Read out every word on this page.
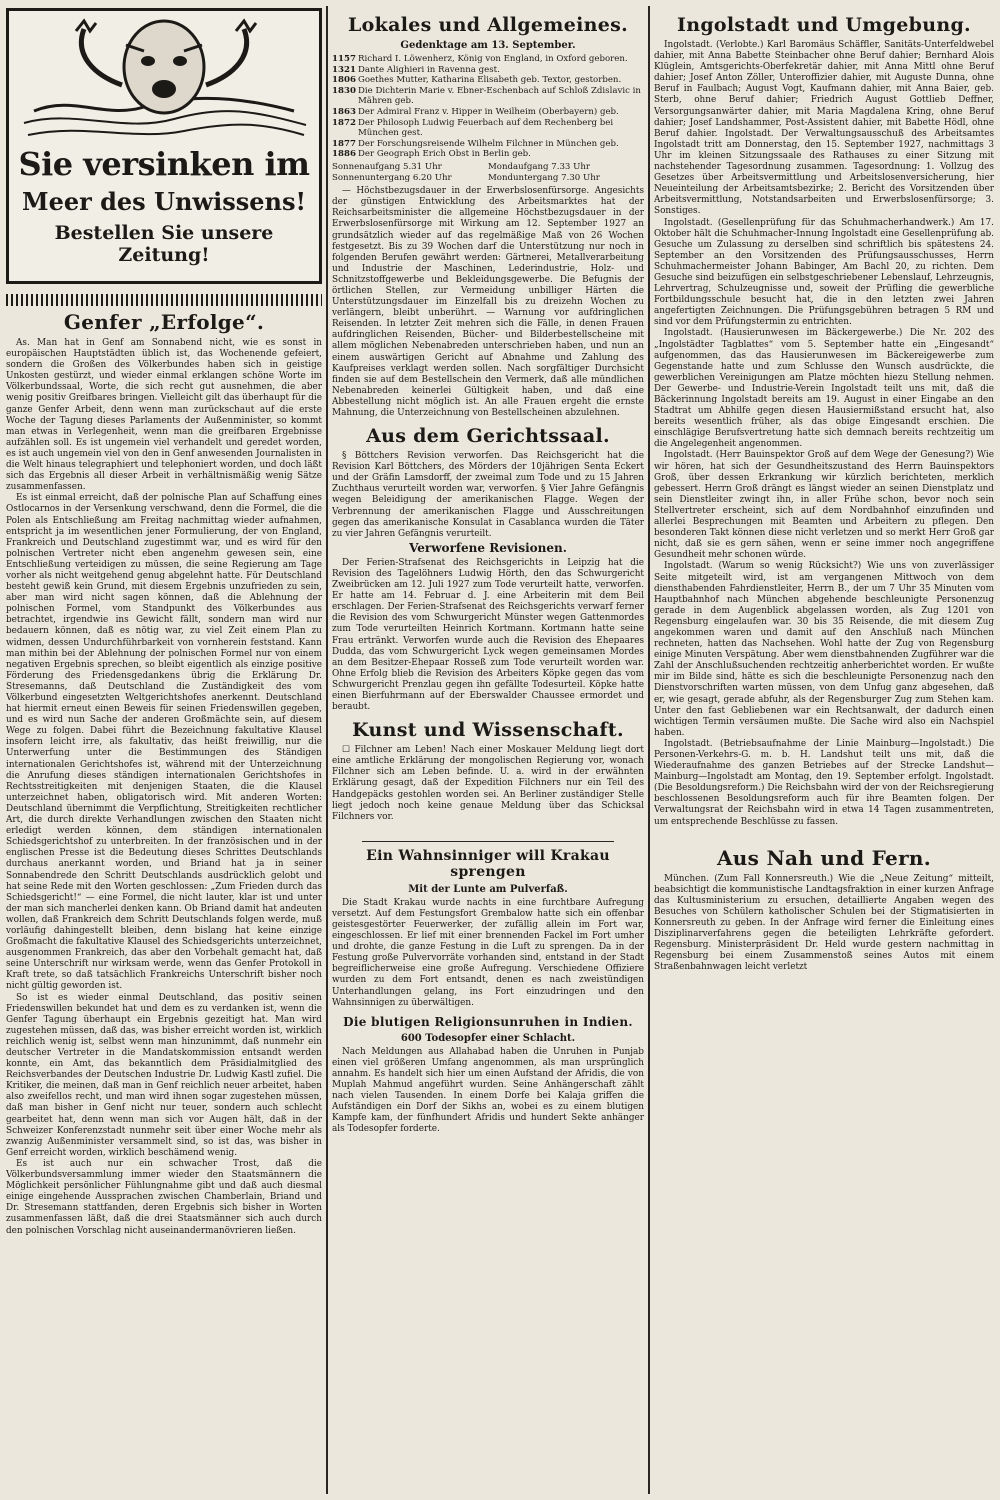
Sie versinken im
Meer des Unwissens!
Bestellen Sie unsere Zeitung!
Genfer „Erfolge“.

As. Man hat in Genf am Sonnabend nicht, wie es sonst in europäischen Hauptstädten üblich ist, das Wochenende gefeiert, sondern die Großen des Völkerbundes haben sich in geistige Unkosten gestürzt, und wieder einmal erklangen schöne Worte im Völkerbundssaal, Worte, die sich recht gut ausnehmen, die aber wenig positiv Greifbares bringen. Vielleicht gilt das überhaupt für die ganze Genfer Arbeit, denn wenn man zurückschaut auf die erste Woche der Tagung dieses Parlaments der Außenminister, so kommt man etwas in Verlegenheit, wenn man die greifbaren Ergebnisse aufzählen soll. Es ist ungemein viel verhandelt und geredet worden, es ist auch ungemein viel von den in Genf anwesenden Journalisten in die Welt hinaus telegraphiert und telephoniert worden, und doch läßt sich das Ergebnis all dieser Arbeit in verhältnismäßig wenig Sätze zusammenfassen.

Es ist einmal erreicht, daß der polnische Plan auf Schaffung eines Ostlocarnos in der Versenkung verschwand, denn die Formel, die die Polen als Entschließung am Freitag nachmittag wieder aufnahmen, entspricht ja im wesentlichen jener Formulierung, der von England, Frankreich und Deutschland zugestimmt war, und es wird für den polnischen Vertreter nicht eben angenehm gewesen sein, eine Entschließung verteidigen zu müssen, die seine Regierung am Tage vorher als nicht weitgehend genug abgelehnt hatte. Für Deutschland besteht gewiß kein Grund, mit diesem Ergebnis unzufrieden zu sein, aber man wird nicht sagen können, daß die Ablehnung der polnischen Formel, vom Standpunkt des Völkerbundes aus betrachtet, irgendwie ins Gewicht fällt, sondern man wird nur bedauern können, daß es nötig war, zu viel Zeit einem Plan zu widmen, dessen Undurchführbarkeit von vornherein feststand. Kann man mithin bei der Ablehnung der polnischen Formel nur von einem negativen Ergebnis sprechen, so bleibt eigentlich als einzige positive Förderung des Friedensgedankens übrig die Erklärung Dr. Stresemanns, daß Deutschland die Zuständigkeit des vom Völkerbund eingesetzten Weltgerichtshofes anerkennt. Deutschland hat hiermit erneut einen Beweis für seinen Friedenswillen gegeben, und es wird nun Sache der anderen Großmächte sein, auf diesem Wege zu folgen. Dabei führt die Bezeichnung fakultative Klausel insofern leicht irre, als fakultativ, das heißt freiwillig, nur die Unterwerfung unter die Bestimmungen des Ständigen internationalen Gerichtshofes ist, während mit der Unterzeichnung die Anrufung dieses ständigen internationalen Gerichtshofes in Rechtsstreitigkeiten mit denjenigen Staaten, die die Klausel unterzeichnet haben, obligatorisch wird. Mit anderen Worten: Deutschland übernimmt die Verpflichtung, Streitigkeiten rechtlicher Art, die durch direkte Verhandlungen zwischen den Staaten nicht erledigt werden können, dem ständigen internationalen Schiedsgerichtshof zu unterbreiten. In der französischen und in der englischen Presse ist die Bedeutung dieses Schrittes Deutschlands durchaus anerkannt worden, und Briand hat ja in seiner Sonnabendrede den Schritt Deutschlands ausdrücklich gelobt und hat seine Rede mit den Worten geschlossen: „Zum Frieden durch das Schiedsgericht!“ — eine Formel, die nicht lauter, klar ist und unter der man sich mancherlei denken kann. Ob Briand damit hat andeuten wollen, daß Frankreich dem Schritt Deutschlands folgen werde, muß vorläufig dahingestellt bleiben, denn bislang hat keine einzige Großmacht die fakultative Klausel des Schiedsgerichts unterzeichnet, ausgenommen Frankreich, das aber den Vorbehalt gemacht hat, daß seine Unterschrift nur wirksam werde, wenn das Genfer Protokoll in Kraft trete, so daß tatsächlich Frankreichs Unterschrift bisher noch nicht gültig geworden ist.

So ist es wieder einmal Deutschland, das positiv seinen Friedenswillen bekundet hat und dem es zu verdanken ist, wenn die Genfer Tagung überhaupt ein Ergebnis gezeitigt hat. Man wird zugestehen müssen, daß das, was bisher erreicht worden ist, wirklich reichlich wenig ist, selbst wenn man hinzunimmt, daß nunmehr ein deutscher Vertreter in die Mandatskommission entsandt werden konnte, ein Amt, das bekanntlich dem Präsidialmitglied des Reichsverbandes der Deutschen Industrie Dr. Ludwig Kastl zufiel. Die Kritiker, die meinen, daß man in Genf reichlich neuer arbeitet, haben also zweifellos recht, und man wird ihnen sogar zugestehen müssen, daß man bisher in Genf nicht nur teuer, sondern auch schlecht gearbeitet hat, denn wenn man sich vor Augen hält, daß in der Schweizer Konferenzstadt nunmehr seit über einer Woche mehr als zwanzig Außenminister versammelt sind, so ist das, was bisher in Genf erreicht worden, wirklich beschämend wenig.

Es ist auch nur ein schwacher Trost, daß die Völkerbundsversammlung immer wieder den Staatsmännern die Möglichkeit persönlicher Fühlungnahme gibt und daß auch diesmal einige eingehende Aussprachen zwischen Chamberlain, Briand und Dr. Stresemann stattfanden, deren Ergebnis sich bisher in Worten zusammenfassen läßt, daß die drei Staatsmänner sich auch durch den polnischen Vorschlag nicht auseinandermanövrieren ließen.

Lokales und Allgemeines.
Gedenktage am 13. September.
1157 Richard I. Löwenherz, König von England, in Oxford geboren.
1321 Dante Alighieri in Ravenna gest.
1806 Goethes Mutter, Katharina Elisabeth geb. Textor, gestorben.
1830 Die Dichterin Marie v. Ebner-Eschenbach auf Schloß Zdislavic in Mähren geb.
1863 Der Admiral Franz v. Hipper in Weilheim (Oberbayern) geb.
1872 Der Philosoph Ludwig Feuerbach auf dem Rechenberg bei München gest.
1877 Der Forschungsreisende Wilhelm Filchner in München geb.
1886 Der Geograph Erich Obst in Berlin geb.
Sonnenaufgang 5.31 Uhr	Mondaufgang 7.33 Uhr
Sonnenuntergang 6.20 Uhr	Monduntergang 7.30 Uhr

— Höchstbezugsdauer in der Erwerbslosenfürsorge. Angesichts der günstigen Entwicklung des Arbeitsmarktes hat der Reichsarbeitsminister die allgemeine Höchstbezugsdauer in der Erwerbslosenfürsorge mit Wirkung am 12. September 1927 an grundsätzlich wieder auf das regelmäßige Maß von 26 Wochen festgesetzt. Bis zu 39 Wochen darf die Unterstützung nur noch in folgenden Berufen gewährt werden: Gärtnerei, Metallverarbeitung und Industrie der Maschinen, Lederindustrie, Holz- und Schnitzstoffgewerbe und Bekleidungsgewerbe. Die Befugnis der örtlichen Stellen, zur Vermeidung unbilliger Härten die Unterstützungsdauer im Einzelfall bis zu dreizehn Wochen zu verlängern, bleibt unberührt. — Warnung vor aufdringlichen Reisenden. In letzter Zeit mehren sich die Fälle, in denen Frauen aufdringlichen Reisenden, Bücher- und Bilderbestellscheine mit allem möglichen Nebenabreden unterschrieben haben, und nun an einem auswärtigen Gericht auf Abnahme und Zahlung des Kaufpreises verklagt werden sollen. Nach sorgfältiger Durchsicht finden sie auf dem Bestellschein den Vermerk, daß alle mündlichen Nebenabreden keinerlei Gültigkeit haben, und daß eine Abbestellung nicht möglich ist. An alle Frauen ergeht die ernste Mahnung, die Unterzeichnung von Bestellscheinen abzulehnen.

Aus dem Gerichtssaal.

§ Böttchers Revision verworfen. Das Reichsgericht hat die Revision Karl Böttchers, des Mörders der 10jährigen Senta Eckert und der Gräfin Lamsdorff, der zweimal zum Tode und zu 15 Jahren Zuchthaus verurteilt worden war, verworfen. § Vier Jahre Gefängnis wegen Beleidigung der amerikanischen Flagge. Wegen der Verbrennung der amerikanischen Flagge und Ausschreitungen gegen das amerikanische Konsulat in Casablanca wurden die Täter zu vier Jahren Gefängnis verurteilt.

Verworfene Revisionen.

Der Ferien-Strafsenat des Reichsgerichts in Leipzig hat die Revision des Tagelöhners Ludwig Hörth, den das Schwurgericht Zweibrücken am 12. Juli 1927 zum Tode verurteilt hatte, verworfen. Er hatte am 14. Februar d. J. eine Arbeiterin mit dem Beil erschlagen. Der Ferien-Strafsenat des Reichsgerichts verwarf ferner die Revision des vom Schwurgericht Münster wegen Gattenmordes zum Tode verurteilten Heinrich Kortmann. Kortmann hatte seine Frau ertränkt. Verworfen wurde auch die Revision des Ehepaares Dudda, das vom Schwurgericht Lyck wegen gemeinsamen Mordes an dem Besitzer-Ehepaar Rosseß zum Tode verurteilt worden war. Ohne Erfolg blieb die Revision des Arbeiters Köpke gegen das vom Schwurgericht Prenzlau gegen ihn gefällte Todesurteil. Köpke hatte einen Bierfuhrmann auf der Eberswalder Chaussee ermordet und beraubt.

Kunst und Wissenschaft.

☐ Filchner am Leben! Nach einer Moskauer Meldung liegt dort eine amtliche Erklärung der mongolischen Regierung vor, wonach Filchner sich am Leben befinde. U. a. wird in der erwähnten Erklärung gesagt, daß der Expedition Filchners nur ein Teil des Handgepäcks gestohlen worden sei. An Berliner zuständiger Stelle liegt jedoch noch keine genaue Meldung über das Schicksal Filchners vor.

Ein Wahnsinniger will Krakau sprengen
Mit der Lunte am Pulverfaß.

Die Stadt Krakau wurde nachts in eine furchtbare Aufregung versetzt. Auf dem Festungsfort Grembalow hatte sich ein offenbar geistesgestörter Feuerwerker, der zufällig allein im Fort war, eingeschlossen. Er lief mit einer brennenden Fackel im Fort umher und drohte, die ganze Festung in die Luft zu sprengen. Da in der Festung große Pulvervorräte vorhanden sind, entstand in der Stadt begreiflicherweise eine große Aufregung. Verschiedene Offiziere wurden zu dem Fort entsandt, denen es nach zweistündigen Unterhandlungen gelang, ins Fort einzudringen und den Wahnsinnigen zu überwältigen.

Die blutigen Religionsunruhen in Indien.
600 Todesopfer einer Schlacht.

Nach Meldungen aus Allahabad haben die Unruhen in Punjab einen viel größeren Umfang angenommen, als man ursprünglich annahm. Es handelt sich hier um einen Aufstand der Afridis, die von Muplah Mahmud angeführt wurden. Seine Anhängerschaft zählt nach vielen Tausenden. In einem Dorfe bei Kalaja griffen die Aufständigen ein Dorf der Sikhs an, wobei es zu einem blutigen Kampfe kam, der fünfhundert Afridis und hundert Sekte anhänger als Todesopfer forderte.

Ingolstadt und Umgebung.

Ingolstadt. (Verlobte.) Karl Baromäus Schäffler, Sanitäts-Unterfeldwebel dahier, mit Anna Babette Steinbacher ohne Beruf dahier; Bernhard Alois Klüglein, Amtsgerichts-Oberfekretär dahier, mit Anna Mittl ohne Beruf dahier; Josef Anton Zöller, Unteroffizier dahier, mit Auguste Dunna, ohne Beruf in Faulbach; August Vogt, Kaufmann dahier, mit Anna Baier, geb. Sterb, ohne Beruf dahier; Friedrich August Gottlieb Deffner, Versorgungsanwärter dahier, mit Maria Magdalena Kring, ohne Beruf dahier; Josef Landshammer, Post-Assistent dahier, mit Babette Hödl, ohne Beruf dahier. Ingolstadt. Der Verwaltungsausschuß des Arbeitsamtes Ingolstadt tritt am Donnerstag, den 15. September 1927, nachmittags 3 Uhr im kleinen Sitzungssaale des Rathauses zu einer Sitzung mit nachstehender Tagesordnung zusammen. Tagesordnung: 1. Vollzug des Gesetzes über Arbeitsvermittlung und Arbeitslosenversicherung, hier Neueinteilung der Arbeitsamtsbezirke; 2. Bericht des Vorsitzenden über Arbeitsvermittlung, Notstandsarbeiten und Erwerbslosenfürsorge; 3. Sonstiges.

Ingolstadt. (Gesellenprüfung für das Schuhmacherhandwerk.) Am 17. Oktober hält die Schuhmacher-Innung Ingolstadt eine Gesellenprüfung ab. Gesuche um Zulassung zu derselben sind schriftlich bis spätestens 24. September an den Vorsitzenden des Prüfungsausschusses, Herrn Schuhmachermeister Johann Babinger, Am Bachl 20, zu richten. Dem Gesuche sind beizufügen ein selbstgeschriebener Lebenslauf, Lehrzeugnis, Lehrvertrag, Schulzeugnisse und, soweit der Prüfling die gewerbliche Fortbildungsschule besucht hat, die in den letzten zwei Jahren angefertigten Zeichnungen. Die Prüfungsgebühren betragen 5 RM und sind vor dem Prüfungstermin zu entrichten.

Ingolstadt. (Hausierunwesen im Bäckergewerbe.) Die Nr. 202 des „Ingolstädter Tagblattes“ vom 5. September hatte ein „Eingesandt“ aufgenommen, das das Hausierunwesen im Bäckereigewerbe zum Gegenstande hatte und zum Schlusse den Wunsch ausdrückte, die gewerblichen Vereinigungen am Platze möchten hiezu Stellung nehmen. Der Gewerbe- und Industrie-Verein Ingolstadt teilt uns mit, daß die Bäckerinnung Ingolstadt bereits am 19. August in einer Eingabe an den Stadtrat um Abhilfe gegen diesen Hausiermißstand ersucht hat, also bereits wesentlich früher, als das obige Eingesandt erschien. Die einschlägige Berufsvertretung hatte sich demnach bereits rechtzeitig um die Angelegenheit angenommen.

Ingolstadt. (Herr Bauinspektor Groß auf dem Wege der Genesung?) Wie wir hören, hat sich der Gesundheitszustand des Herrn Bauinspektors Groß, über dessen Erkrankung wir kürzlich berichteten, merklich gebessert. Herrn Groß drängt es längst wieder an seinen Dienstplatz und sein Dienstleiter zwingt ihn, in aller Frühe schon, bevor noch sein Stellvertreter erscheint, sich auf dem Nordbahnhof einzufinden und allerlei Besprechungen mit Beamten und Arbeitern zu pflegen. Den besonderen Takt können diese nicht verletzen und so merkt Herr Groß gar nicht, daß sie es gern sähen, wenn er seine immer noch angegriffene Gesundheit mehr schonen würde.

Ingolstadt. (Warum so wenig Rücksicht?) Wie uns von zuverlässiger Seite mitgeteilt wird, ist am vergangenen Mittwoch von dem diensthabenden Fahrdienstleiter, Herrn B., der um 7 Uhr 35 Minuten vom Hauptbahnhof nach München abgehende beschleunigte Personenzug gerade in dem Augenblick abgelassen worden, als Zug 1201 von Regensburg eingelaufen war. 30 bis 35 Reisende, die mit diesem Zug angekommen waren und damit auf den Anschluß nach München rechneten, hatten das Nachsehen. Wohl hatte der Zug von Regensburg einige Minuten Verspätung. Aber wem dienstbahnenden Zugführer war die Zahl der Anschlußsuchenden rechtzeitig anherberichtet worden. Er wußte mir im Bilde sind, hätte es sich die beschleunigte Personenzug nach den Dienstvorschriften warten müssen, von dem Unfug ganz abgesehen, daß er, wie gesagt, gerade abfuhr, als der Regensburger Zug zum Stehen kam. Unter den fast Gebliebenen war ein Rechtsanwalt, der dadurch einen wichtigen Termin versäumen mußte. Die Sache wird also ein Nachspiel haben.

Ingolstadt. (Betriebsaufnahme der Linie Mainburg—Ingolstadt.) Die Personen-Verkehrs-G. m. b. H. Landshut teilt uns mit, daß die Wiederaufnahme des ganzen Betriebes auf der Strecke Landshut—Mainburg—Ingolstadt am Montag, den 19. September erfolgt. Ingolstadt. (Die Besoldungsreform.) Die Reichsbahn wird der von der Reichsregierung beschlossenen Besoldungsreform auch für ihre Beamten folgen. Der Verwaltungsrat der Reichsbahn wird in etwa 14 Tagen zusammentreten, um entsprechende Beschlüsse zu fassen.

Aus Nah und Fern.

München. (Zum Fall Konnersreuth.) Wie die „Neue Zeitung“ mitteilt, beabsichtigt die kommunistische Landtagsfraktion in einer kurzen Anfrage das Kultusministerium zu ersuchen, detaillierte Angaben wegen des Besuches von Schülern katholischer Schulen bei der Stigmatisierten in Konnersreuth zu geben. In der Anfrage wird ferner die Einleitung eines Disziplinarverfahrens gegen die beteiligten Lehrkräfte gefordert. Regensburg. Ministerpräsident Dr. Held wurde gestern nachmittag in Regensburg bei einem Zusammenstoß seines Autos mit einem Straßenbahnwagen leicht verletzt
